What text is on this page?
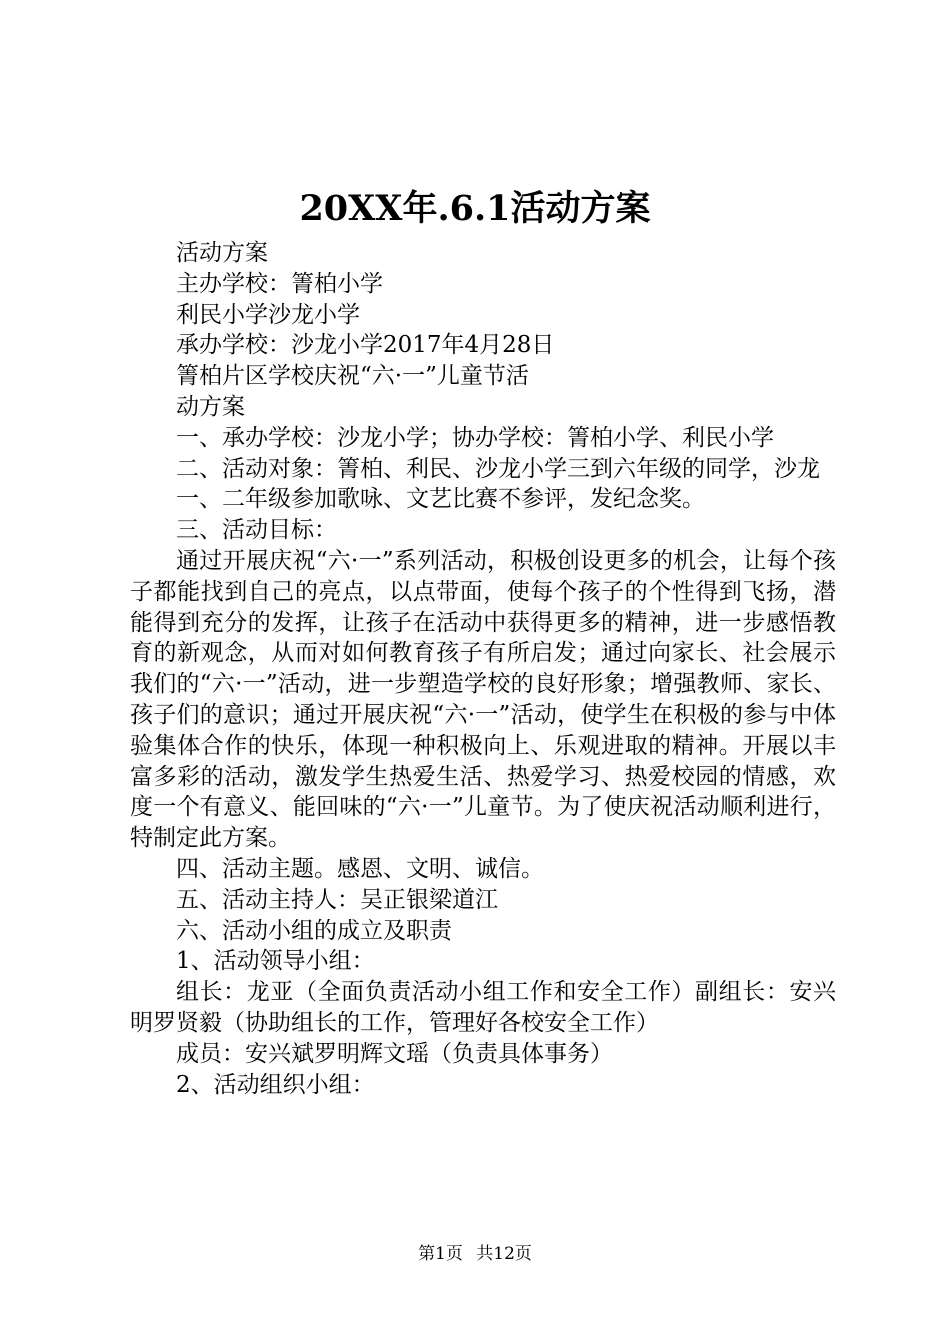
20XX年.6.1活动方案

活动方案

主办学校：箐柏小学

利民小学沙龙小学

承办学校：沙龙小学2017年4月28日

箐柏片区学校庆祝“六·一”儿童节活

动方案

一、承办学校：沙龙小学；协办学校：箐柏小学、利民小学

二、活动对象：箐柏、利民、沙龙小学三到六年级的同学，沙龙

一、二年级参加歌咏、文艺比赛不参评，发纪念奖。

三、活动目标：

通过开展庆祝“六·一”系列活动，积极创设更多的机会，让每个孩子都能找到自己的亮点，以点带面，使每个孩子的个性得到飞扬，潜能得到充分的发挥，让孩子在活动中获得更多的精神，进一步感悟教育的新观念，从而对如何教育孩子有所启发；通过向家长、社会展示我们的“六·一”活动，进一步塑造学校的良好形象；增强教师、家长、孩子们的意识；通过开展庆祝“六·一”活动，使学生在积极的参与中体验集体合作的快乐，体现一种积极向上、乐观进取的精神。开展以丰富多彩的活动，激发学生热爱生活、热爱学习、热爱校园的情感，欢度一个有意义、能回味的“六·一”儿童节。为了使庆祝活动顺利进行，特制定此方案。

四、活动主题。感恩、文明、诚信。

五、活动主持人：吴正银梁道江

六、活动小组的成立及职责

1、活动领导小组：

组长：龙亚（全面负责活动小组工作和安全工作）副组长：安兴明罗贤毅（协助组长的工作，管理好各校安全工作）

成员：安兴斌罗明辉文瑶（负责具体事务）

2、活动组织小组：

第1页 共12页
